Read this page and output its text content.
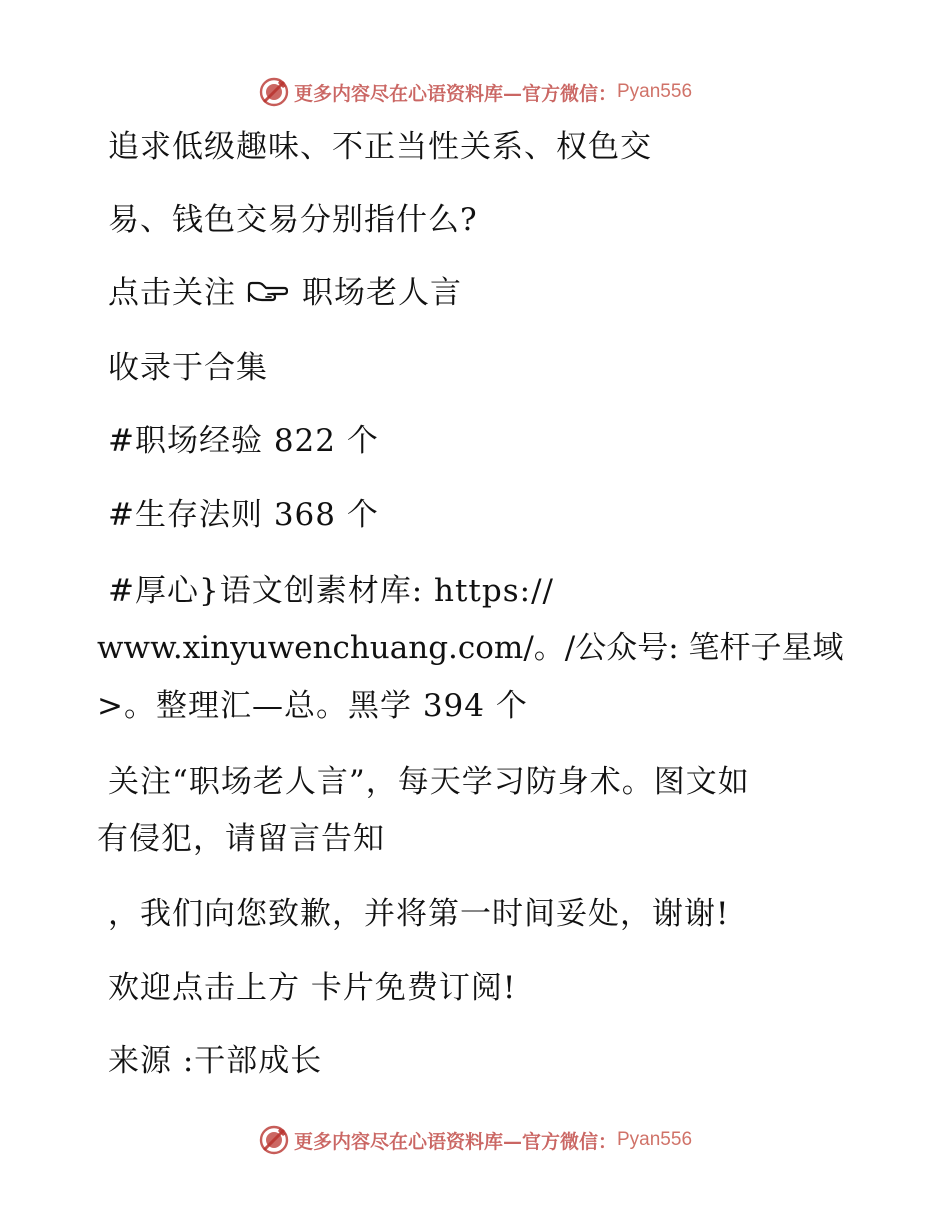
更多内容尽在心语资料库—官方微信： Pyan556
追求低级趣味、不正当性关系、权色交
易、钱色交易分别指什么?
点击关注 职场老人言
收录于合集
#职场经验 822 个
#生存法则 368 个
#厚心}语文创素材库: https://
www.xinyuwenchuang.com/。/公众号: 笔杆子星域
>。整理汇—总。黑学 394 个
关注“职场老人言”，每天学习防身术。图文如
有侵犯，请留言告知
，我们向您致歉，并将第一时间妥处，谢谢!
欢迎点击上方 卡片免费订阅!
来源 :干部成长
更多内容尽在心语资料库—官方微信： Pyan556
